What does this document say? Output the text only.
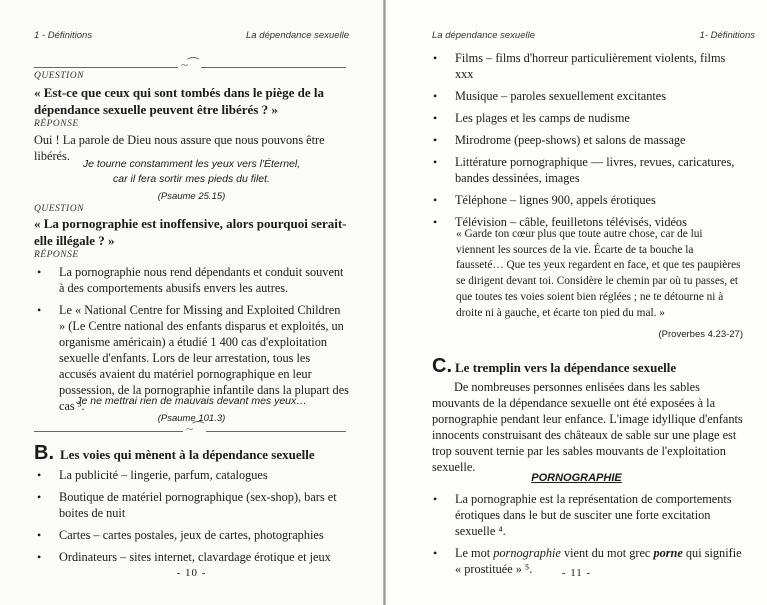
1 - Définitions	La dépendance sexuelle
~⁀
QUESTION
« Est-ce que ceux qui sont tombés dans le piège de la dépendance sexuelle peuvent être libérés ? »
RÉPONSE
Oui ! La parole de Dieu nous assure que nous pouvons être libérés.
Je tourne constamment les yeux vers l'Éternel,
car il fera sortir mes pieds du filet.
(Psaume 25.15)
QUESTION
« La pornographie est inoffensive, alors pourquoi serait-elle illégale ? »
RÉPONSE
• La pornographie nous rend dépendants et conduit souvent à des comportements abusifs envers les autres.
• Le « National Centre for Missing and Exploited Children » (Le Centre national des enfants disparus et exploités, un organisme américain) a étudié 1 400 cas d'exploitation sexuelle d'enfants. Lors de leur arrestation, tous les accusés avaient du matériel pornographique en leur possession, de la pornographie infantile dans la plupart des cas ³.
Je ne mettrai rien de mauvais devant mes yeux…
(Psaume 101.3)
~⁀
B. Les voies qui mènent à la dépendance sexuelle
• La publicité – lingerie, parfum, catalogues
• Boutique de matériel pornographique (sex-shop), bars et boites de nuit
• Cartes – cartes postales, jeux de cartes, photographies
• Ordinateurs – sites internet, clavardage érotique et jeux
- 10 -
La dépendance sexuelle	1- Définitions
• Films – films d'horreur particulièrement violents, films xxx
• Musique – paroles sexuellement excitantes
• Les plages et les camps de nudisme
• Mirodrome (peep-shows) et salons de massage
• Littérature pornographique — livres, revues, caricatures, bandes dessinées, images
• Téléphone – lignes 900, appels érotiques
• Télévision – câble, feuilletons télévisés, vidéos
« Garde ton cœur plus que toute autre chose, car de lui viennent les sources de la vie. Écarte de ta bouche la fausseté… Que tes yeux regardent en face, et que tes paupières se dirigent devant toi. Considère le chemin par où tu passes, et que toutes tes voies soient bien réglées ; ne te détourne ni à droite ni à gauche, et écarte ton pied du mal. »
(Proverbes 4.23-27)
C. Le tremplin vers la dépendance sexuelle
De nombreuses personnes enlisées dans les sables mouvants de la dépendance sexuelle ont été exposées à la pornographie pendant leur enfance. L'image idyllique d'enfants innocents construisant des châteaux de sable sur une plage est trop souvent ternie par les sables mouvants de l'exploitation sexuelle.
PORNOGRAPHIE
• La pornographie est la représentation de comportements érotiques dans le but de susciter une forte excitation sexuelle ⁴.
• Le mot pornographie vient du mot grec porne qui signifie « prostituée » ⁵.	- 11 -
